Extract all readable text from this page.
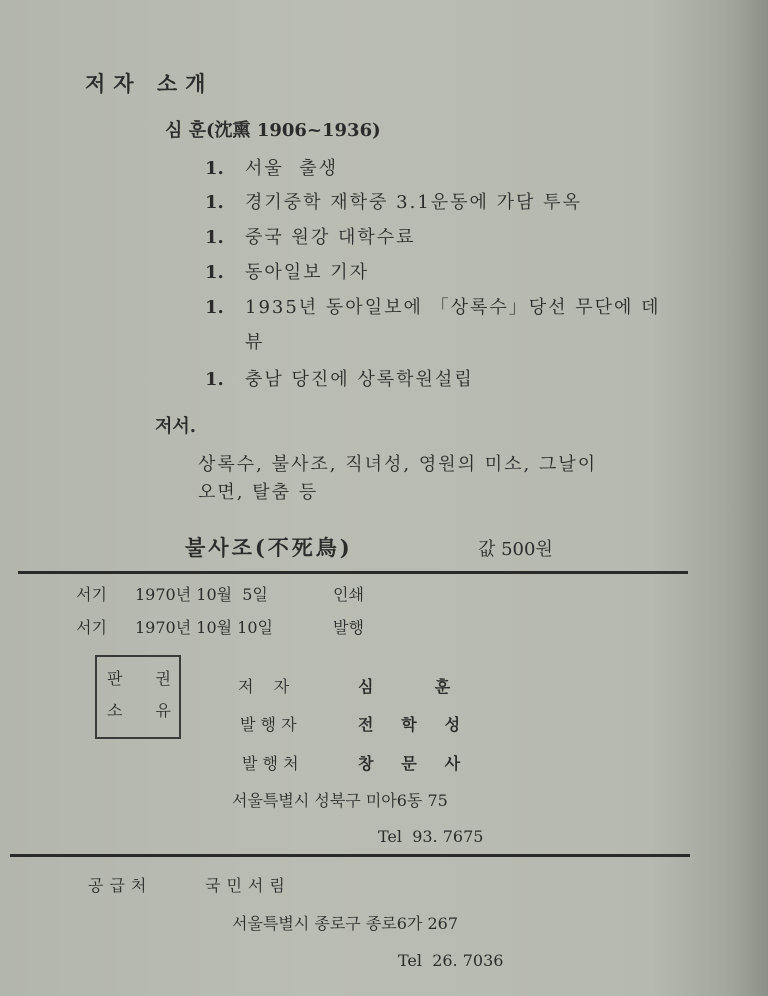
저자 소개
심 훈(沈熏 1906~1936)
1. 서울  출생
1. 경기중학 재학중 3.1운동에 가담 투옥
1. 중국 원강 대학수료
1. 동아일보 기자
1. 1935년 동아일보에 「상록수」당선 무단에 데
뷰
1. 충남 당진에 상록학원설립
저서.
상록수, 불사조, 직녀성, 영원의 미소, 그날이
오면, 탈춤 등
불사조(不死鳥)	값 500원
서기 1970년 10월  5일	인쇄
서기 1970년 10월 10일	발행
판 권
소 유
저    자	심           훈
발 행 자	전     학     성
발 행 처	창     문     사
서울특별시 성북구 미아6동 75
Tel  93. 7675
공급처	국민서림
서울특별시 종로구 종로6가 267
Tel  26. 7036
